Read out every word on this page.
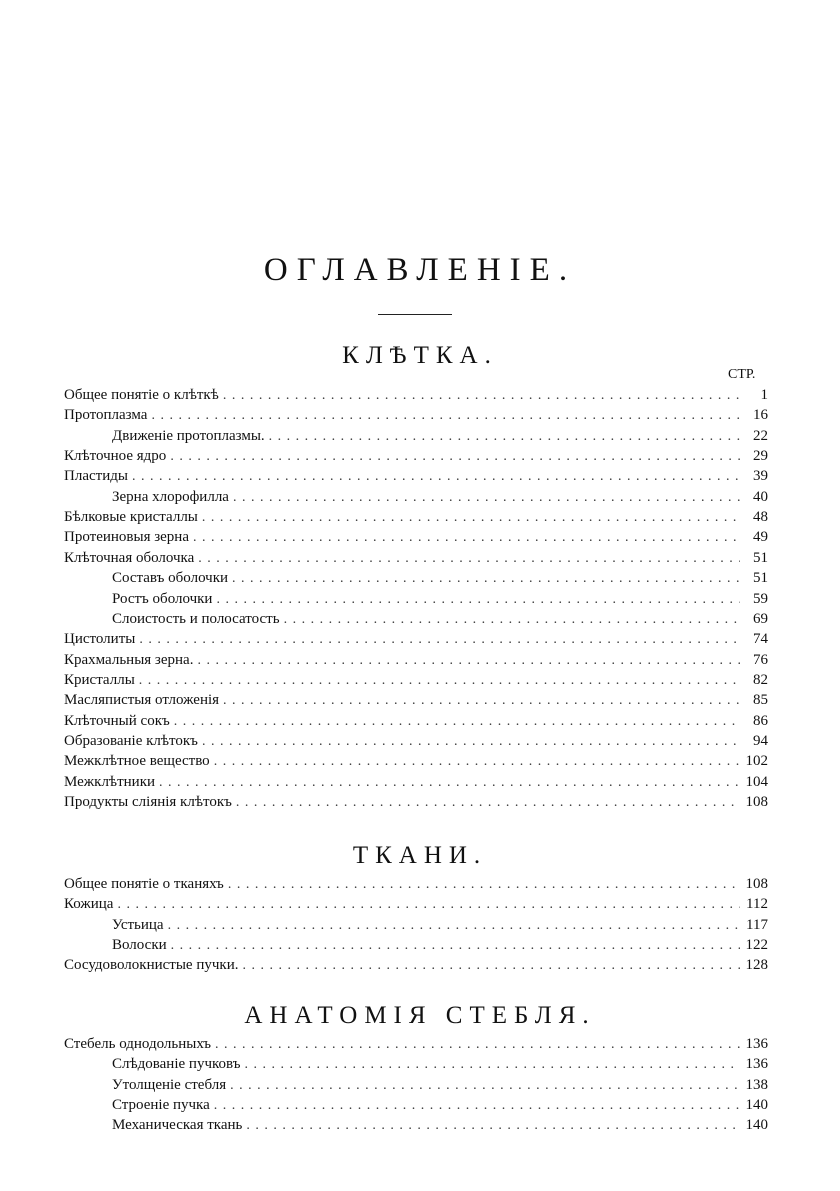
ОГЛАВЛЕНІЕ.
КЛѢТКА.
СТР.
Общее понятіе о клѣткѣ . . .	1
Протоплазма . . .	16
Движеніе протоплазмы. . . .	22
Клѣточное ядро . . .	29
Пластиды . . .	39
Зерна хлорофилла . . .	40
Бѣлковые кристаллы . . .	48
Протеиновыя зерна . . .	49
Клѣточная оболочка . . .	51
Составъ оболочки . . .	51
Ростъ оболочки . . .	59
Слоистость и полосатость . . .	69
Цистолиты . . .	74
Крахмальныя зерна. . . .	76
Кристаллы . . .	82
Масляпистыя отложенія . . .	85
Клѣточный сокъ . . .	86
Образованіе клѣтокъ . . .	94
Межклѣтное вещество . . .	102
Межклѣтники . . .	104
Продукты сліянія клѣтокъ . . .	108
ТКАНИ.
Общее понятіе о тканяхъ . . .	108
Кожица . . .	112
Устьица . . .	117
Волоски . . .	122
Сосудоволокнистые пучки. . . .	128
АНАТОМІЯ СТЕБЛЯ.
Стебель однодольныхъ . . .	136
Слѣдованіе пучковъ . . .	136
Утолщеніе стебля . . .	138
Строеніе пучка . . .	140
Механическая ткань . . .	140
